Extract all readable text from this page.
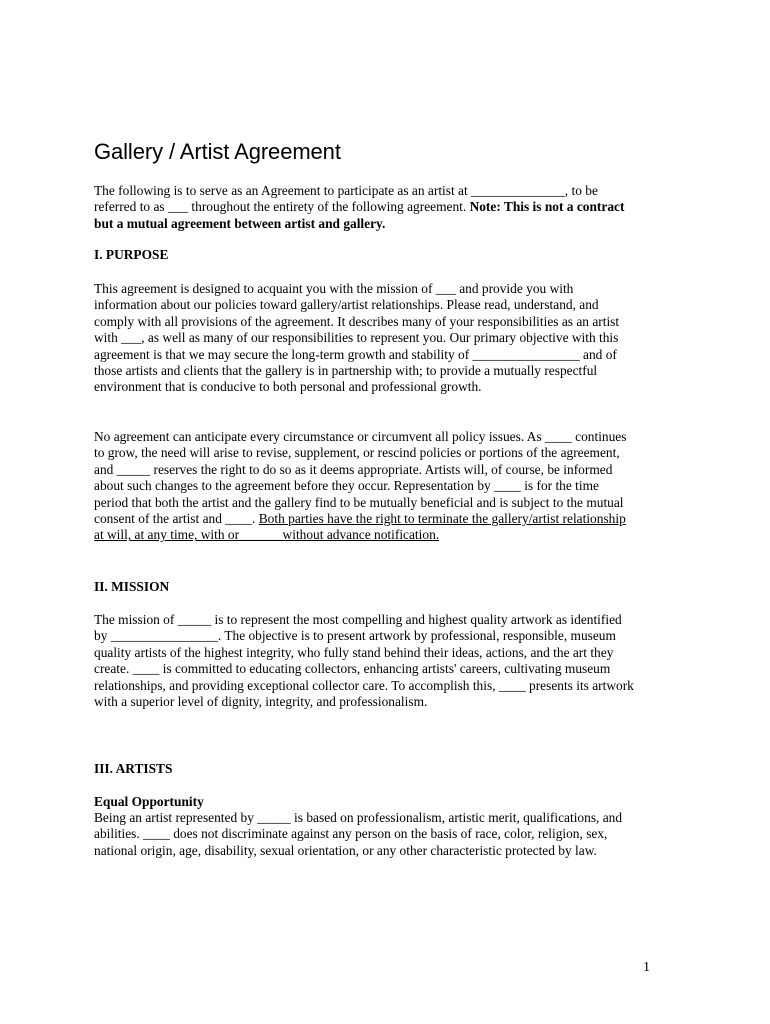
Gallery / Artist Agreement

The following is to serve as an Agreement to participate as an artist at ______________, to be referred to as ___ throughout the entirety of the following agreement. Note: This is not a contract but a mutual agreement between artist and gallery.

I. PURPOSE

This agreement is designed to acquaint you with the mission of ___ and provide you with information about our policies toward gallery/artist relationships. Please read, understand, and comply with all provisions of the agreement. It describes many of your responsibilities as an artist with ___, as well as many of our responsibilities to represent you. Our primary objective with this agreement is that we may secure the long-term growth and stability of ________________ and of those artists and clients that the gallery is in partnership with; to provide a mutually respectful environment that is conducive to both personal and professional growth.

No agreement can anticipate every circumstance or circumvent all policy issues. As ____ continues to grow, the need will arise to revise, supplement, or rescind policies or portions of the agreement, and _____ reserves the right to do so as it deems appropriate. Artists will, of course, be informed about such changes to the agreement before they occur. Representation by ____ is for the time period that both the artist and the gallery find to be mutually beneficial and is subject to the mutual consent of the artist and ____. Both parties have the right to terminate the gallery/artist relationship at will, at any time, with or______ without advance notification.

II. MISSION

The mission of _____ is to represent the most compelling and highest quality artwork as identified by ________________. The objective is to present artwork by professional, responsible, museum quality artists of the highest integrity, who fully stand behind their ideas, actions, and the art they create. ____ is committed to educating collectors, enhancing artists' careers, cultivating museum relationships, and providing exceptional collector care. To accomplish this, ____ presents its artwork with a superior level of dignity, integrity, and professionalism.

III. ARTISTS
Equal Opportunity

Being an artist represented by _____ is based on professionalism, artistic merit, qualifications, and abilities. ____ does not discriminate against any person on the basis of race, color, religion, sex, national origin, age, disability, sexual orientation, or any other characteristic protected by law.

1
